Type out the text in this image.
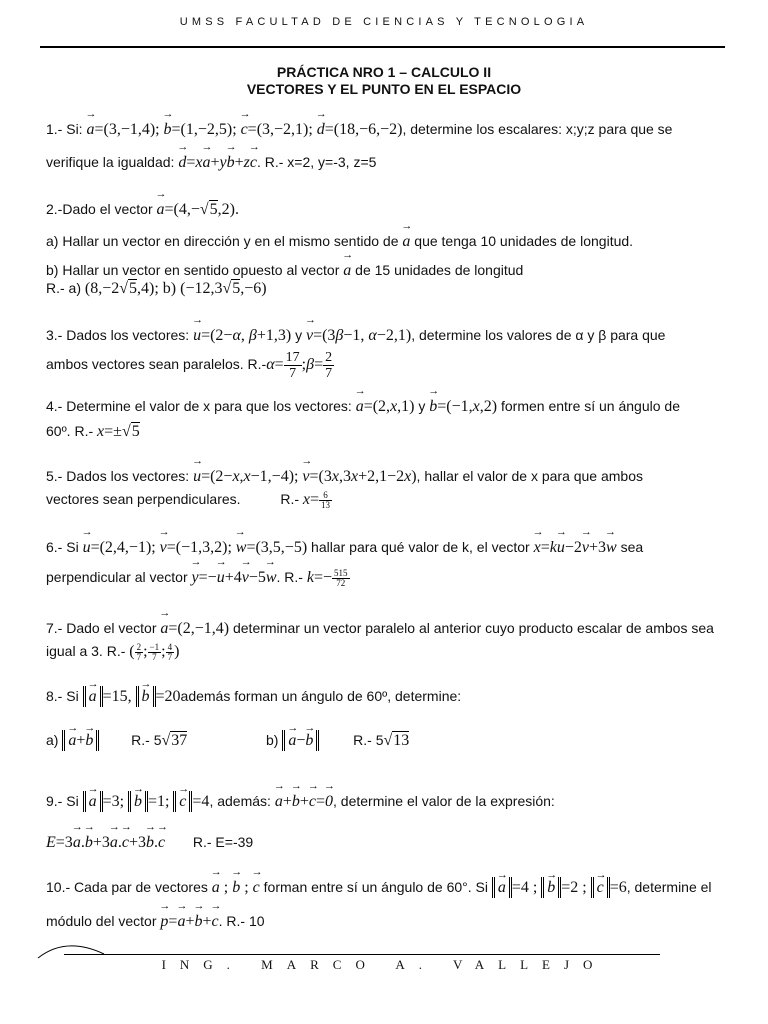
UMSS FACULTAD DE CIENCIAS Y TECNOLOGIA
PRÁCTICA NRO 1 – CALCULO II
VECTORES Y EL PUNTO EN EL ESPACIO
1.- Si: → a=(3,−1,4); → b=(1,−2,5); → c=(3,−2,1); → d=(18,−6,−2), determine los escalares: x;y;z para que se
verifique la igualdad: → d=x→ a+y→ b+z→ c. R.- x=2, y=-3, z=5
2.-Dado el vector → a=(4,−√5,2).
a) Hallar un vector en dirección y en el mismo sentido de → a que tenga 10 unidades de longitud.
b) Hallar un vector en sentido opuesto al vector → a de 15 unidades de longitud
R.- a) (8,−2√5,4); b) (−12,3√5,−6)
3.- Dados los vectores: → u=(2−α, β+1,3) y → v=(3β−1, α−2,1), determine los valores de α y β para que
ambos vectores sean paralelos. $R.-\alpha= \frac{17}{7}$ ;β= $\frac{2}{7}$
4.- Determine el valor de x para que los vectores: → a=(2,x,1) y → b=(−1,x,2) formen entre sí un ángulo de
60º. R.- x=±√5
5.- Dados los vectores: → u=(2−x,x−1,−4); → v=(3x,3x+2,1−2x), hallar el valor de x para que ambos
vectores sean perpendiculares.	R.- $x= \frac{6}{13}$
6.- Si → u=(2,4,−1); → v=(−1,3,2); → w=(3,5,−5) hallar para qué valor de k, el vector → x=k→ u−2→ v+3→ w sea
perpendicular al vector → y=−→ u+4→ v−5→ w. R.- $k=- \frac{515}{72}$
7.- Dado el vector → a=(2,−1,4) determinar un vector paralelo al anterior cuyo producto escalar de ambos sea
igual a 3. R.- ( $\frac{2}{7}$ ; $\frac{-1}{7}$ ; $\frac{4}{7}$ )
8.- Si → a =15, → b =20además forman un ángulo de 60º, determine:
a) → a+→ b	R.- 5√37	b) → a−→ b	R.- 5√13
9.- Si → a =3; → b =1; → c =4, además: → a+→ b+→ c=→ 0, determine el valor de la expresión:
E=3→ a.→ b+3→ a.→ c+3→ b.→ c R.- E=-39
10.- Cada par de vectores → a ; → b ; → c forman entre sí un ángulo de 60°. Si → a =4 ; → b =2 ; → c =6, determine el
módulo del vector → p=→ a+→ b+→ c. R.- 10
ING. MARCO A. VALLEJO
